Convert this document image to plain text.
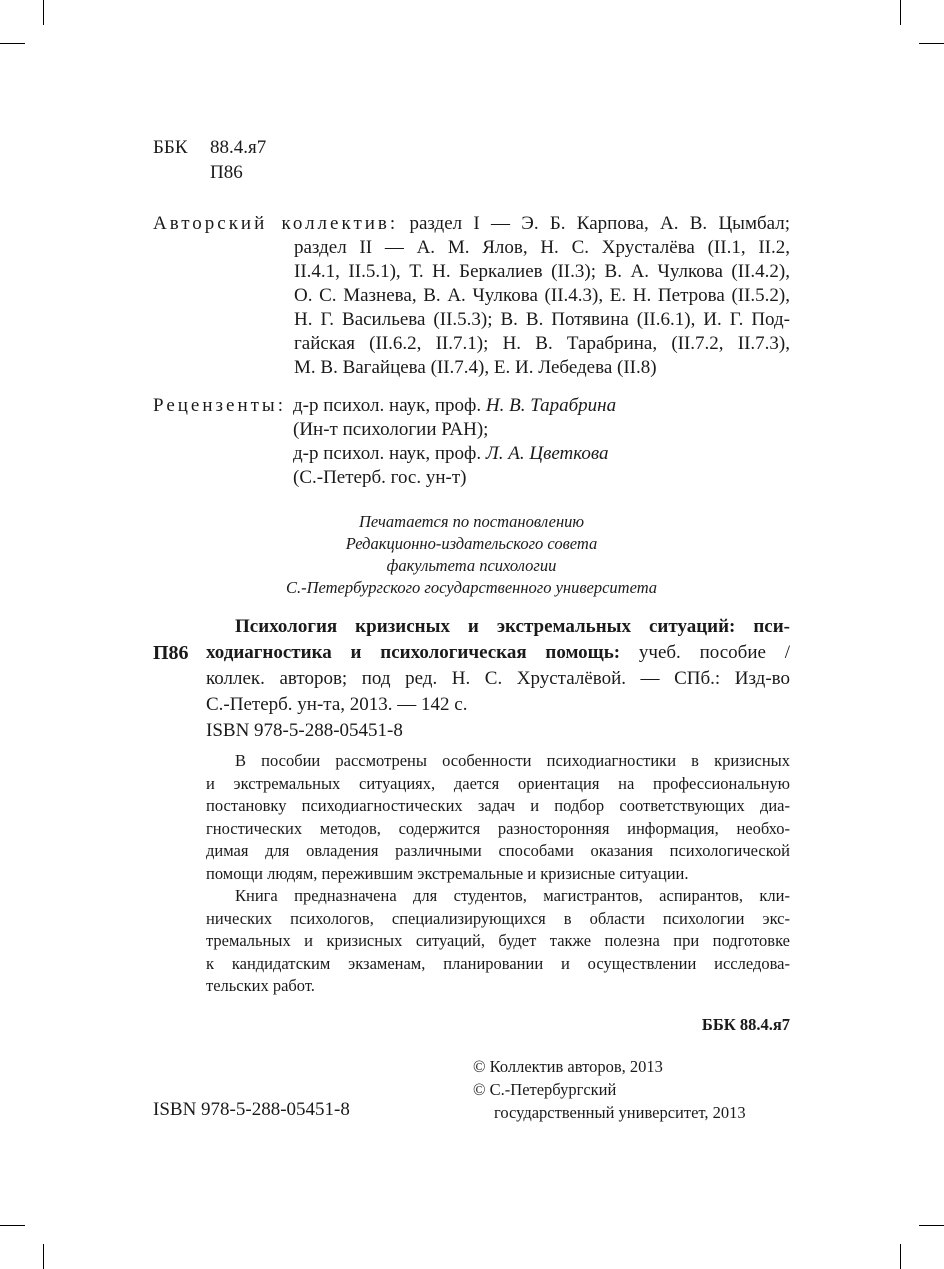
ББК 88.4.я7
П86
Авторский коллектив: раздел I — Э. Б. Карпова, А. В. Цымбал;
раздел II — А. М. Ялов, Н. С. Хрусталёва (II.1, II.2,
II.4.1, II.5.1), Т. Н. Беркалиев (II.3); В. А. Чулкова (II.4.2),
О. С. Мазнева, В. А. Чулкова (II.4.3), Е. Н. Петрова (II.5.2),
Н. Г. Васильева (II.5.3); В. В. Потявина (II.6.1), И. Г. Под-
гайская (II.6.2, II.7.1); Н. В. Тарабрина, (II.7.2, II.7.3),
М. В. Вагайцева (II.7.4), Е. И. Лебедева (II.8)
Рецензенты: д-р психол. наук, проф. Н. В. Тарабрина
(Ин-т психологии РАН);
д-р психол. наук, проф. Л. А. Цветкова
(С.-Петерб. гос. ун-т)
Печатается по постановлению
Редакционно-издательского совета
факультета психологии
С.-Петербургского государственного университета
П86
Психология кризисных и экстремальных ситуаций: пси-
ходиагностика и психологическая помощь: учеб. пособие /
коллек. авторов; под ред. Н. С. Хрусталёвой. — СПб.: Изд-во
С.-Петерб. ун-та, 2013. — 142 с.
ISBN 978-5-288-05451-8
В пособии рассмотрены особенности психодиагностики в кризисных
и экстремальных ситуациях, дается ориентация на профессиональную
постановку психодиагностических задач и подбор соответствующих диа-
гностических методов, содержится разносторонняя информация, необхо-
димая для овладения различными способами оказания психологической
помощи людям, пережившим экстремальные и кризисные ситуации.
Книга предназначена для студентов, магистрантов, аспирантов, кли-
нических психологов, специализирующихся в области психологии экс-
тремальных и кризисных ситуаций, будет также полезна при подготовке
к кандидатским экзаменам, планировании и осуществлении исследова-
тельских работ.
ББК 88.4.я7
ISBN 978-5-288-05451-8
© Коллектив авторов, 2013
© С.-Петербургский
государственный университет, 2013
